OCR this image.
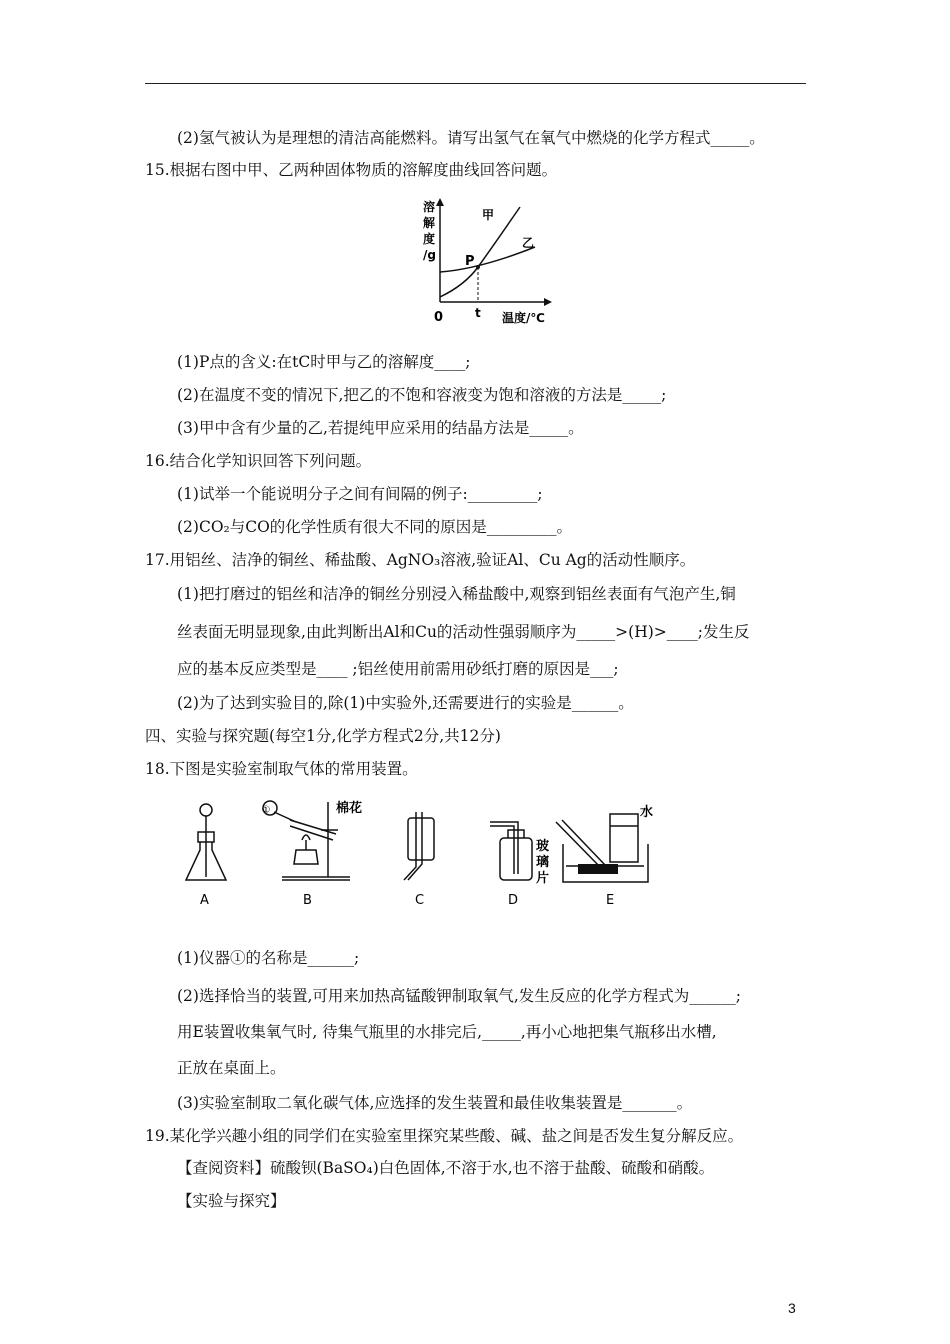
(2)氢气被认为是理想的清洁高能燃料。请写出氢气在氧气中燃烧的化学方程式_____。
15.根据右图中甲、乙两种固体物质的溶解度曲线回答问题。
溶
解
度
/g P
甲
乙
0	t 温度/℃
(1)P点的含义:在tC时甲与乙的溶解度____;
(2)在温度不变的情况下,把乙的不饱和容液变为饱和溶液的方法是_____;
(3)甲中含有少量的乙,若提纯甲应采用的结晶方法是_____。
16.结合化学知识回答下列问题。
(1)试举一个能说明分子之间有间隔的例子:_________;
(2)CO₂与CO的化学性质有很大不同的原因是_________。
17.用铝丝、洁净的铜丝、稀盐酸、AgNO₃溶液,验证Al、Cu Ag的活动性顺序。
(1)把打磨过的铝丝和洁净的铜丝分别浸入稀盐酸中,观察到铝丝表面有气泡产生,铜
丝表面无明显现象,由此判断出Al和Cu的活动性强弱顺序为_____>(H)>____;发生反
应的基本反应类型是____ ;铝丝使用前需用砂纸打磨的原因是___;
(2)为了达到实验目的,除(1)中实验外,还需要进行的实验是______。
四、实验与探究题(每空1分,化学方程式2分,共12分)
18.下图是实验室制取气体的常用装置。
A
①	棉花
B	C	D
水
玻
璃
片
E
(1)仪器①的名称是______;
(2)选择恰当的装置,可用来加热高锰酸钾制取氧气,发生反应的化学方程式为______;
用E装置收集氧气时, 待集气瓶里的水排完后,_____,再小心地把集气瓶移出水槽,
正放在桌面上。
(3)实验室制取二氧化碳气体,应选择的发生装置和最佳收集装置是_______。
19.某化学兴趣小组的同学们在实验室里探究某些酸、碱、盐之间是否发生复分解反应。
【查阅资料】硫酸钡(BaSO₄)白色固体,不溶于水,也不溶于盐酸、硫酸和硝酸。
【实验与探究】
3
